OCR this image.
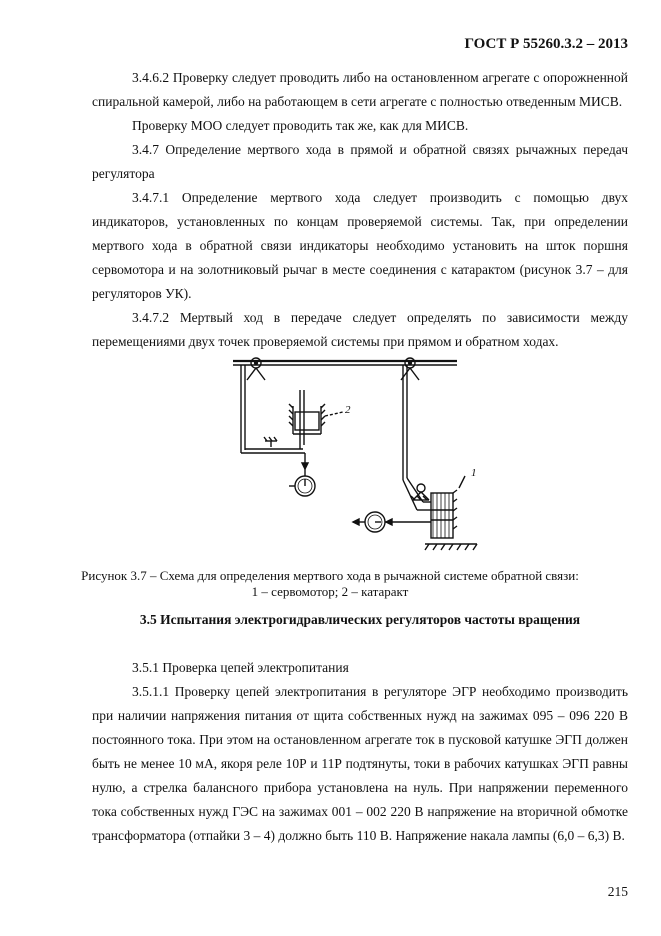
ГОСТ Р 55260.3.2 – 2013
3.4.6.2 Проверку следует проводить либо на остановленном агрегате с опорожненной спиральной камерой, либо на работающем в сети агрегате с полностью отведенным МИСВ.
Проверку МОО следует проводить так же, как для МИСВ.
3.4.7 Определение мертвого хода в прямой и обратной связях рычажных передач регулятора
3.4.7.1 Определение мертвого хода следует производить с помощью двух индикаторов, установленных по концам проверяемой системы. Так, при определении мертвого хода в обратной связи индикаторы необходимо установить на шток поршня сервомотора и на золотниковый рычаг в месте соединения с катарактом (рисунок 3.7 – для регуляторов УК).
3.4.7.2 Мертвый ход в передаче следует определять по зависимости между перемещениями двух точек проверяемой системы при прямом и обратном ходах.
1
2
Рисунок 3.7 – Схема для определения мертвого хода в рычажной системе обратной связи:
1 – сервомотор; 2 – катаракт
3.5 Испытания электрогидравлических регуляторов частоты вращения
3.5.1 Проверка цепей электропитания
3.5.1.1 Проверку цепей электропитания в регуляторе ЭГР необходимо производить при наличии напряжения питания от щита собственных нужд на зажимах 095 – 096 220 В постоянного тока. При этом на остановленном агрегате ток в пусковой катушке ЭГП должен быть не менее 10 мА, якоря реле 10Р и 11Р подтянуты, токи в рабочих катушках ЭГП равны нулю, а стрелка балансного прибора установлена на нуль. При напряжении переменного тока собственных нужд ГЭС на зажимах 001 – 002 220 В напряжение на вторичной обмотке трансформатора (отпайки 3 – 4) должно быть 110 В. Напряжение накала лампы (6,0 – 6,3) В.
215
